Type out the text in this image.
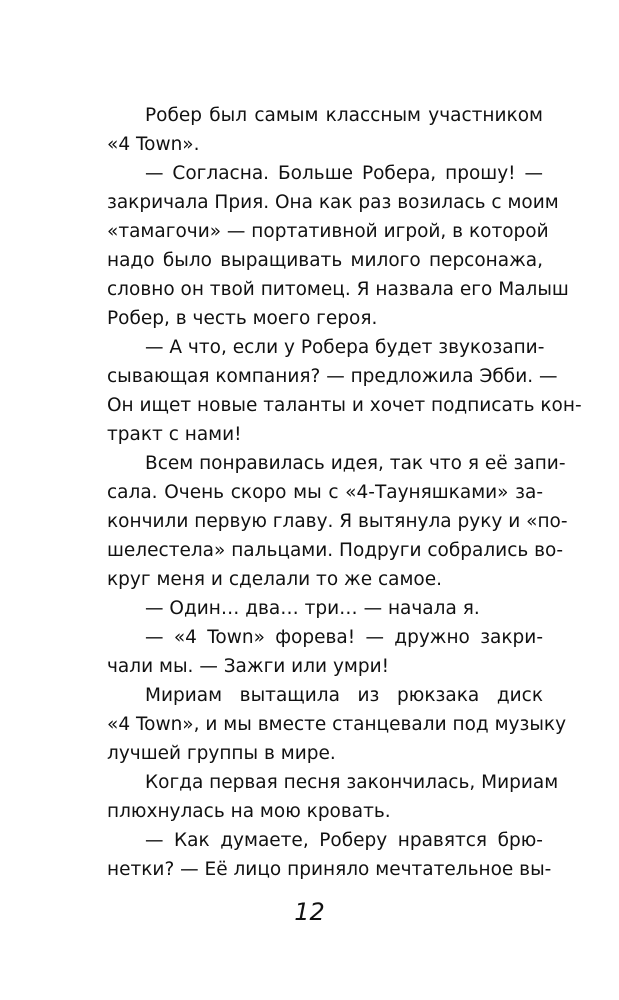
Робер был самым классным участником
«4 Town».
— Согласна. Больше Робера, прошу! —
закричала Прия. Она как раз возилась с моим
«тамагочи» — портативной игрой, в которой
надо было выращивать милого персонажа,
словно он твой питомец. Я назвала его Малыш
Робер, в честь моего героя.
— А что, если у Робера будет звукозапи-
сывающая компания? — предложила Эбби. —
Он ищет новые таланты и хочет подписать кон-
тракт с нами!
Всем понравилась идея, так что я её запи-
сала. Очень скоро мы с «4-Тауняшками» за-
кончили первую главу. Я вытянула руку и «по-
шелестела» пальцами. Подруги собрались во-
круг меня и сделали то же самое.
— Один… два… три… — начала я.
— «4 Town» форева! — дружно закри-
чали мы. — Зажги или умри!
Мириам вытащила из рюкзака диск
«4 Town», и мы вместе станцевали под музыку
лучшей группы в мире.
Когда первая песня закончилась, Мириам
плюхнулась на мою кровать.
— Как думаете, Роберу нравятся брю-
нетки? — Её лицо приняло мечтательное вы-
12
